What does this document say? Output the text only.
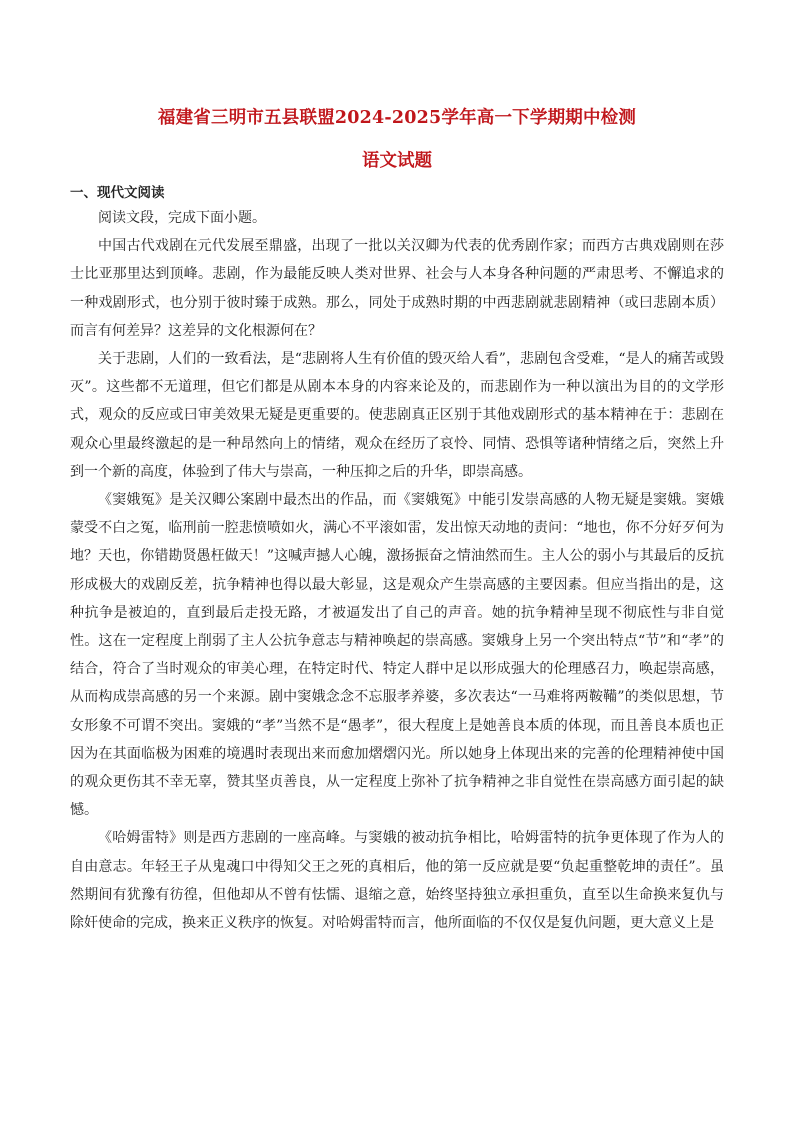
福建省三明市五县联盟2024-2025学年高一下学期期中检测
语文试题
一、现代文阅读

阅读文段，完成下面小题。

中国古代戏剧在元代发展至鼎盛，出现了一批以关汉卿为代表的优秀剧作家；而西方古典戏剧则在莎士比亚那里达到顶峰。悲剧，作为最能反映人类对世界、社会与人本身各种问题的严肃思考、不懈追求的一种戏剧形式，也分别于彼时臻于成熟。那么，同处于成熟时期的中西悲剧就悲剧精神（或曰悲剧本质）而言有何差异？这差异的文化根源何在？

关于悲剧，人们的一致看法，是“悲剧将人生有价值的毁灭给人看”，悲剧包含受难，“是人的痛苦或毁灭”。这些都不无道理，但它们都是从剧本本身的内容来论及的，而悲剧作为一种以演出为目的的文学形式，观众的反应或曰审美效果无疑是更重要的。使悲剧真正区别于其他戏剧形式的基本精神在于：悲剧在观众心里最终激起的是一种昂然向上的情绪，观众在经历了哀怜、同情、恐惧等诸种情绪之后，突然上升到一个新的高度，体验到了伟大与崇高，一种压抑之后的升华，即崇高感。

《窦娥冤》是关汉卿公案剧中最杰出的作品，而《窦娥冤》中能引发崇高感的人物无疑是窦娥。窦娥蒙受不白之冤，临刑前一腔悲愤喷如火，满心不平滚如雷，发出惊天动地的责问：“地也，你不分好歹何为地？天也，你错勘贤愚枉做天！”这喊声撼人心魄，激扬振奋之情油然而生。主人公的弱小与其最后的反抗形成极大的戏剧反差，抗争精神也得以最大彰显，这是观众产生崇高感的主要因素。但应当指出的是，这种抗争是被迫的，直到最后走投无路，才被逼发出了自己的声音。她的抗争精神呈现不彻底性与非自觉性。这在一定程度上削弱了主人公抗争意志与精神唤起的崇高感。窦娥身上另一个突出特点“节”和“孝”的结合，符合了当时观众的审美心理，在特定时代、特定人群中足以形成强大的伦理感召力，唤起崇高感，从而构成崇高感的另一个来源。剧中窦娥念念不忘服孝养婆，多次表达“一马难将两鞍鞴”的类似思想，节女形象不可谓不突出。窦娥的“孝”当然不是“愚孝”，很大程度上是她善良本质的体现，而且善良本质也正因为在其面临极为困难的境遇时表现出来而愈加熠熠闪光。所以她身上体现出来的完善的伦理精神使中国的观众更伤其不幸无辜，赞其坚贞善良，从一定程度上弥补了抗争精神之非自觉性在崇高感方面引起的缺憾。

《哈姆雷特》则是西方悲剧的一座高峰。与窦娥的被动抗争相比，哈姆雷特的抗争更体现了作为人的自由意志。年轻王子从鬼魂口中得知父王之死的真相后，他的第一反应就是要“负起重整乾坤的责任”。虽然期间有犹豫有彷徨，但他却从不曾有怯懦、退缩之意，始终坚持独立承担重负，直至以生命换来复仇与除奸使命的完成，换来正义秩序的恢复。对哈姆雷特而言，他所面临的不仅仅是复仇问题，更大意义上是
